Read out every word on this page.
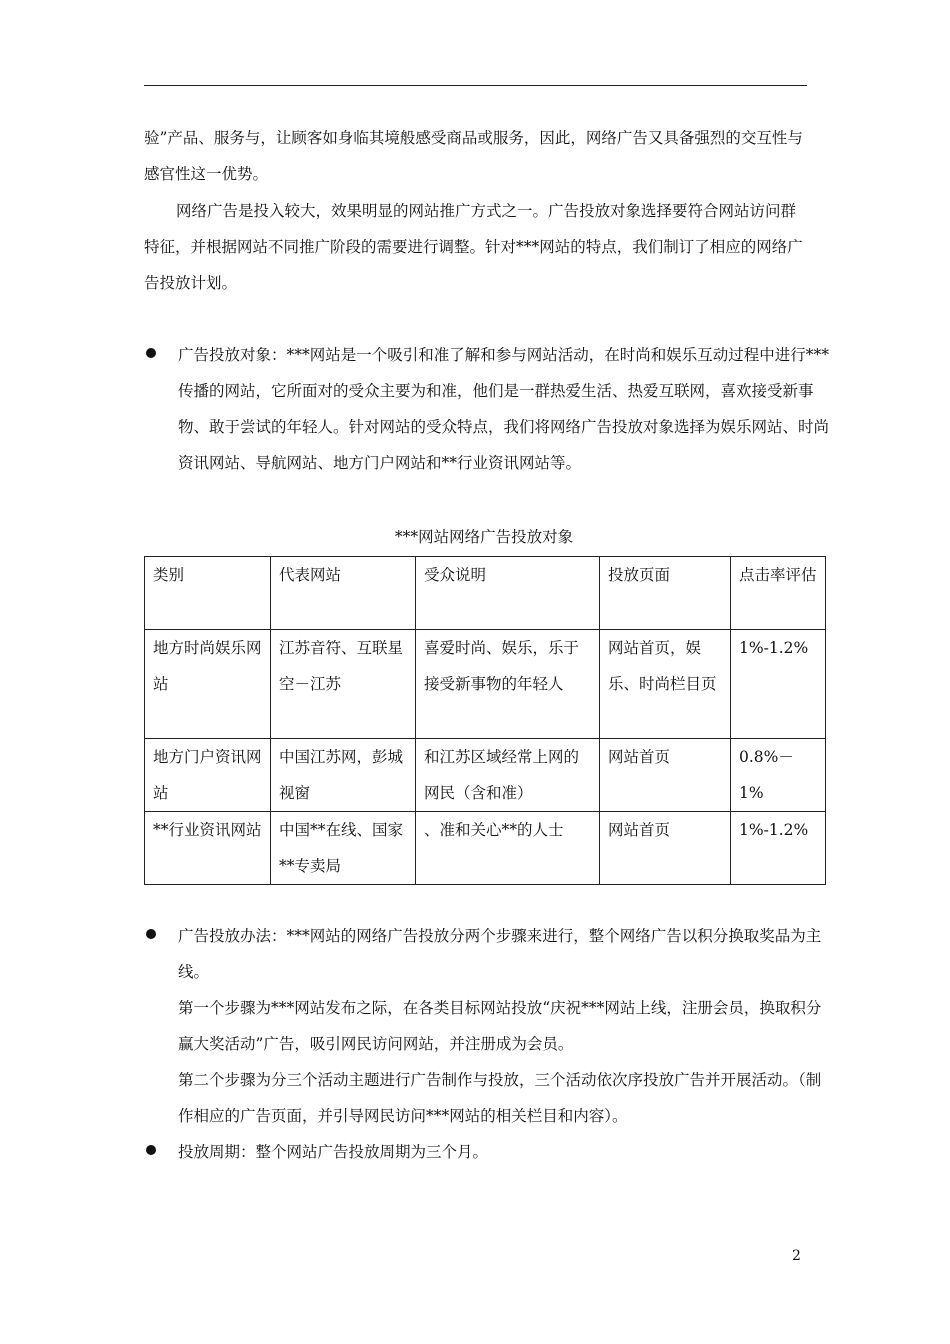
验”产品、服务与，让顾客如身临其境般感受商品或服务，因此，网络广告又具备强烈的交互性与感官性这一优势。

网络广告是投入较大，效果明显的网站推广方式之一。广告投放对象选择要符合网站访问群特征，并根据网站不同推广阶段的需要进行调整。针对***网站的特点，我们制订了相应的网络广告投放计划。

广告投放对象：***网站是一个吸引和准了解和参与网站活动，在时尚和娱乐互动过程中进行***传播的网站，它所面对的受众主要为和准，他们是一群热爱生活、热爱互联网，喜欢接受新事物、敢于尝试的年轻人。针对网站的受众特点，我们将网络广告投放对象选择为娱乐网站、时尚资讯网站、导航网站、地方门户网站和**行业资讯网站等。
***网站网络广告投放对象
类别	代表网站	受众说明	投放页面	点击率评估
地方时尚娱乐网站	江苏音符、互联星空－江苏	喜爱时尚、娱乐，乐于接受新事物的年轻人	网站首页，娱乐、时尚栏目页	1%-1.2%
地方门户资讯网站	中国江苏网，彭城视窗	和江苏区域经常上网的网民（含和准）	网站首页	0.8%－1%
**行业资讯网站	中国**在线、国家**专卖局	、准和关心**的人士	网站首页	1%-1.2%
广告投放办法：***网站的网络广告投放分两个步骤来进行，整个网络广告以积分换取奖品为主线。
第一个步骤为***网站发布之际，在各类目标网站投放“庆祝***网站上线，注册会员，换取积分赢大奖活动”广告，吸引网民访问网站，并注册成为会员。
第二个步骤为分三个活动主题进行广告制作与投放，三个活动依次序投放广告并开展活动。（制作相应的广告页面，并引导网民访问***网站的相关栏目和内容）。
投放周期：整个网站广告投放周期为三个月。
2
